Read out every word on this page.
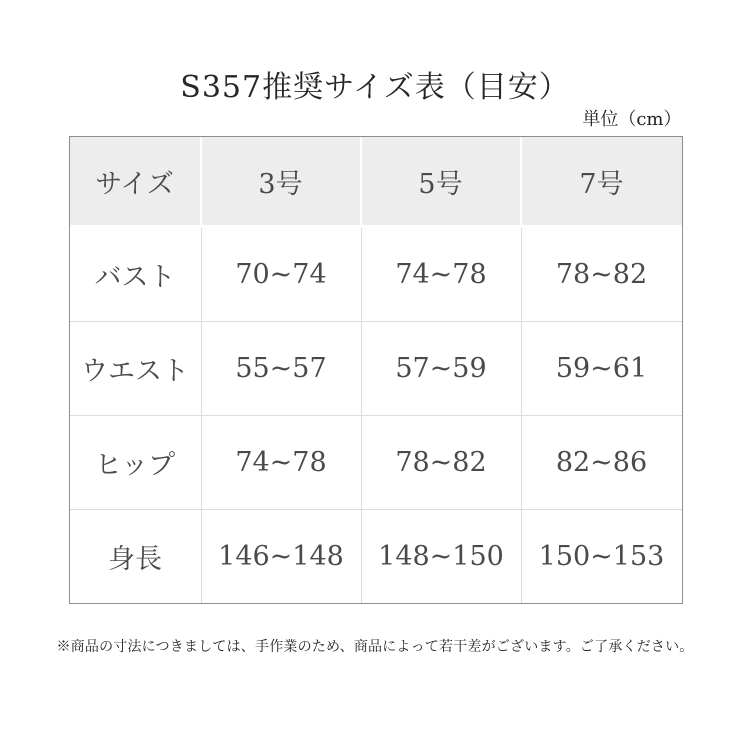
S357推奨サイズ表（目安）
単位（cm）
サイズ	3号	5号	7号
バスト	70~74	74~78	78~82
ウエスト	55~57	57~59	59~61
ヒップ	74~78	78~82	82~86
身長	146~148	148~150	150~153

※商品の寸法につきましては、手作業のため、商品によって若干差がございます。ご了承ください。
